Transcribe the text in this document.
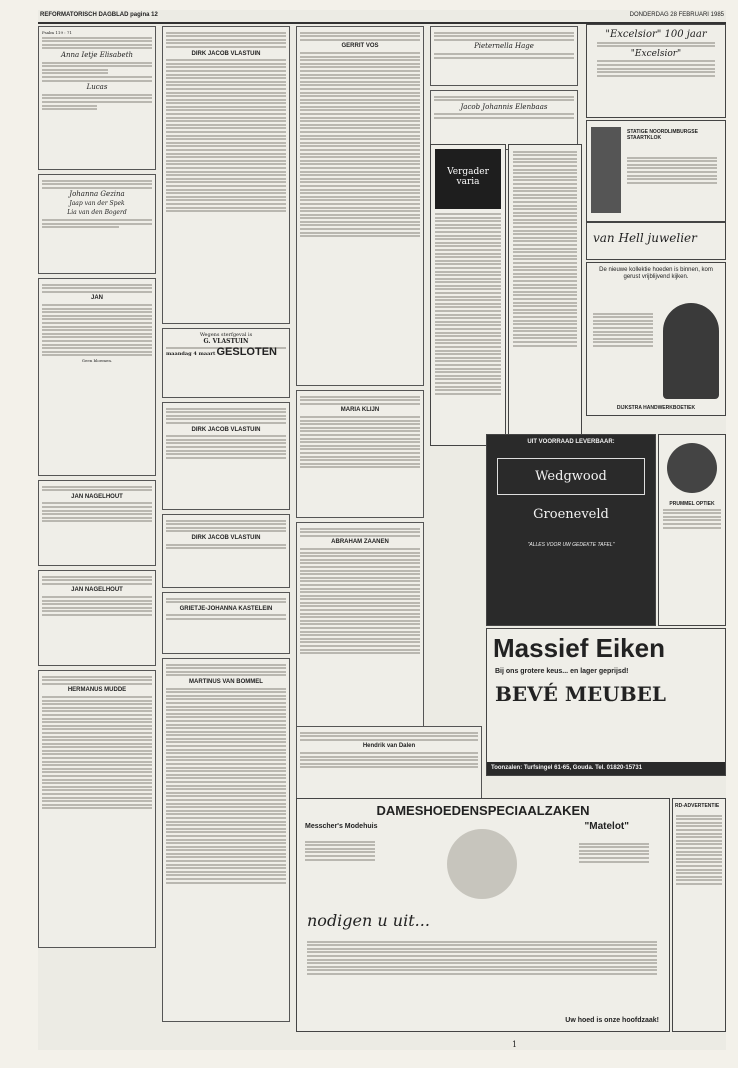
REFORMATORISCH DAGBLAD pagina 12	DONDERDAG 28 FEBRUARI 1985
Psalm 119 : 71
Anna Ietje Elisabeth
Lucas
Johanna Gezina
Jaap van der Spek
Lia van den Bogerd
JAN
Geen bloemen.
JAN NAGELHOUT
JAN NAGELHOUT
HERMANUS MUDDE
DIRK JACOB VLASTUIN
Wegens sterfgeval is
G. VLASTUIN
maandag 4 maart GESLOTEN
DIRK JACOB VLASTUIN
DIRK JACOB VLASTUIN
GRIETJE-JOHANNA KASTELEIN
MARTINUS VAN BOMMEL
GERRIT VOS
MARIA KLIJN
ABRAHAM ZAANEN
Hendrik van Dalen
Pieternella Hage
Jacob Johannis Elenbaas
Vergader varia
"Excelsior" 100 jaar
"Excelsior"
STATIGE NOORDLIMBURGSE STAARTKLOK
van Hell juwelier
De nieuwe kollektie hoeden is binnen, kom gerust vrijblijvend kijken.
DIJKSTRA HANDWERKBOETIEK
UIT VOORRAAD LEVERBAAR:
Wedgwood
Groeneveld
"ALLES VOOR UW GEDEKTE TAFEL"
PRUMMEL OPTIEK
Massief Eiken
Bij ons grotere keus... en lager geprijsd!
BEVÉ MEUBEL
Toonzalen: Turfsingel 61-65, Gouda. Tel. 01820-15731
DAMESHOEDENSPECIAALZAKEN
Messcher's Modehuis	"Matelot"
nodigen u uit...
Uw hoed is onze hoofdzaak!
RD-ADVERTENTIE
1
